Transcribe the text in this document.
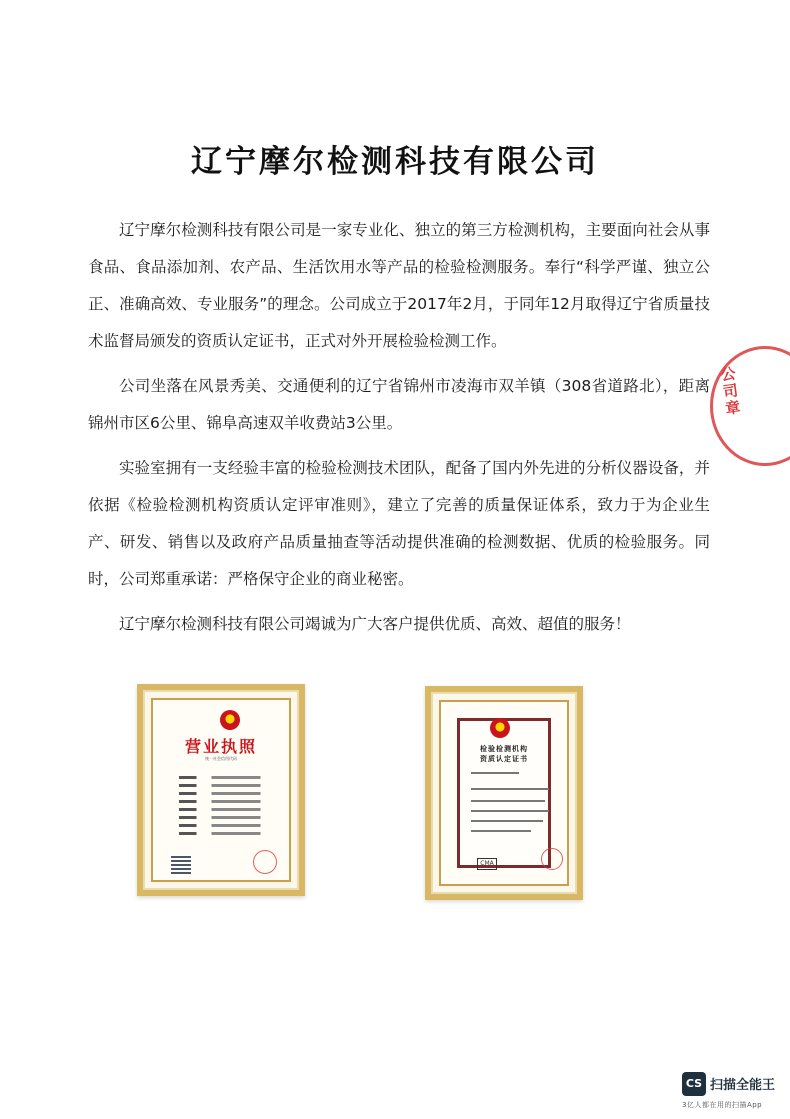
辽宁摩尔检测科技有限公司

辽宁摩尔检测科技有限公司是一家专业化、独立的第三方检测机构，主要面向社会从事食品、食品添加剂、农产品、生活饮用水等产品的检验检测服务。奉行“科学严谨、独立公正、准确高效、专业服务”的理念。公司成立于2017年2月，于同年12月取得辽宁省质量技术监督局颁发的资质认定证书，正式对外开展检验检测工作。

公司坐落在风景秀美、交通便利的辽宁省锦州市凌海市双羊镇（308省道路北），距离锦州市区6公里、锦阜高速双羊收费站3公里。

实验室拥有一支经验丰富的检验检测技术团队，配备了国内外先进的分析仪器设备，并依据《检验检测机构资质认定评审准则》，建立了完善的质量保证体系，致力于为企业生产、研发、销售以及政府产品质量抽查等活动提供准确的检测数据、优质的检验服务。同时，公司郑重承诺：严格保守企业的商业秘密。

辽宁摩尔检测科技有限公司竭诚为广大客户提供优质、高效、超值的服务！

公司章
营业执照
统一社会信用代码
检验检测机构
资质认定证书
CMA
CS 扫描全能王
3亿人都在用的扫描App
